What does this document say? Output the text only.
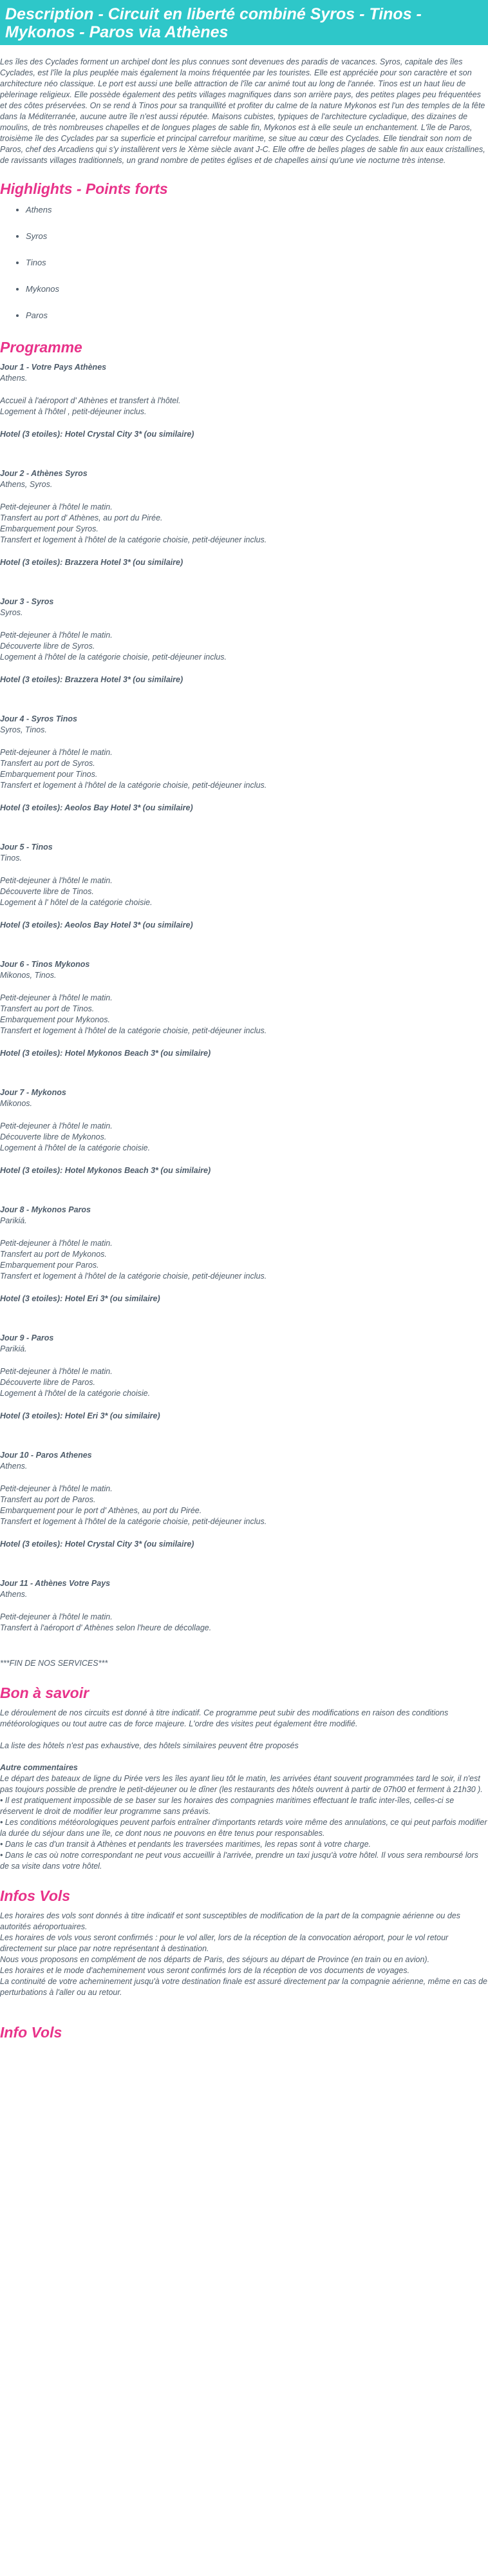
Description - Circuit en liberté combiné Syros - Tinos - Mykonos - Paros via Athènes
Les îles des Cyclades forment un archipel dont les plus connues sont devenues des paradis de vacances. Syros, capitale des îles Cyclades, est l'île la plus peuplée mais également la moins fréquentée par les touristes. Elle est appréciée pour son caractère et son architecture néo classique. Le port est aussi une belle attraction de l'île car animé tout au long de l'année. Tinos est un haut lieu de pèlerinage religieux. Elle possède également des petits villages magnifiques dans son arrière pays, des petites plages peu fréquentées et des côtes préservées. On se rend à Tinos pour sa tranquillité et profiter du calme de la nature Mykonos est l'un des temples de la fête dans la Méditerranée, aucune autre île n'est aussi réputée. Maisons cubistes, typiques de l'architecture cycladique, des dizaines de moulins, de très nombreuses chapelles et de longues plages de sable fin, Mykonos est à elle seule un enchantement. L'île de Paros, troisième île des Cyclades par sa superficie et principal carrefour maritime, se situe au cœur des Cyclades. Elle tiendrait son nom de Paros, chef des Arcadiens qui s'y installèrent vers le Xème siècle avant J-C. Elle offre de belles plages de sable fin aux eaux cristallines, de ravissants villages traditionnels, un grand nombre de petites églises et de chapelles ainsi qu'une vie nocturne très intense.
Highlights - Points forts
• Athens
• Syros
• Tinos
• Mykonos
• Paros
Programme
Jour 1 - Votre Pays Athènes
Athens.
Accueil à l'aéroport d' Athènes et transfert à l'hôtel.
Logement à l'hôtel , petit-déjeuner inclus.
Hotel (3 etoiles): Hotel Crystal City 3* (ou similaire)
Jour 2 - Athènes Syros
Athens, Syros.
Petit-dejeuner à l'hôtel le matin.
Transfert au port d' Athènes, au port du Pirée.
Embarquement pour Syros.
Transfert et logement à l'hôtel de la catégorie choisie, petit-déjeuner inclus.
Hotel (3 etoiles): Brazzera Hotel 3* (ou similaire)
Jour 3 - Syros
Syros.
Petit-dejeuner à l'hôtel le matin.
Découverte libre de Syros.
Logement à l'hôtel de la catégorie choisie, petit-déjeuner inclus.
Hotel (3 etoiles): Brazzera Hotel 3* (ou similaire)
Jour 4 - Syros Tinos
Syros, Tinos.
Petit-dejeuner à l'hôtel le matin.
Transfert au port de Syros.
Embarquement pour Tinos.
Transfert et logement à l'hôtel de la catégorie choisie, petit-déjeuner inclus.
Hotel (3 etoiles): Aeolos Bay Hotel 3* (ou similaire)
Jour 5 - Tinos
Tinos.
Petit-dejeuner à l'hôtel le matin.
Découverte libre de Tinos.
Logement à l' hôtel de la catégorie choisie.
Hotel (3 etoiles): Aeolos Bay Hotel 3* (ou similaire)
Jour 6 - Tinos Mykonos
Mikonos, Tinos.
Petit-dejeuner à l'hôtel le matin.
Transfert au port de Tinos.
Embarquement pour Mykonos.
Transfert et logement à l'hôtel de la catégorie choisie, petit-déjeuner inclus.
Hotel (3 etoiles): Hotel Mykonos Beach 3* (ou similaire)
Jour 7 - Mykonos
Mikonos.
Petit-dejeuner à l'hôtel le matin.
Découverte libre de Mykonos.
Logement à l'hôtel de la catégorie choisie.
Hotel (3 etoiles): Hotel Mykonos Beach 3* (ou similaire)
Jour 8 - Mykonos Paros
Parikiá.
Petit-dejeuner à l'hôtel le matin.
Transfert au port de Mykonos.
Embarquement pour Paros.
Transfert et logement à l'hôtel de la catégorie choisie, petit-déjeuner inclus.
Hotel (3 etoiles): Hotel Eri 3* (ou similaire)
Jour 9 - Paros
Parikiá.
Petit-dejeuner à l'hôtel le matin.
Découverte libre de Paros.
Logement à l'hôtel de la catégorie choisie.
Hotel (3 etoiles): Hotel Eri 3* (ou similaire)
Jour 10 - Paros Athenes
Athens.
Petit-dejeuner à l'hôtel le matin.
Transfert au port de Paros.
Embarquement pour le port d' Athènes, au port du Pirée.
Transfert et logement à l'hôtel de la catégorie choisie, petit-déjeuner inclus.
Hotel (3 etoiles): Hotel Crystal City 3* (ou similaire)
Jour 11 - Athènes Votre Pays
Athens.
Petit-dejeuner à l'hôtel le matin.
Transfert à l'aéroport d' Athènes selon l'heure de décollage.
***FIN DE NOS SERVICES***
Bon à savoir
Le déroulement de nos circuits est donné à titre indicatif. Ce programme peut subir des modifications en raison des conditions météorologiques ou tout autre cas de force majeure. L'ordre des visites peut également être modifié.
La liste des hôtels n'est pas exhaustive, des hôtels similaires peuvent être proposés
Autre commentaires
Le départ des bateaux de ligne du Pirée vers les îles ayant lieu tôt le matin, les arrivées étant souvent programmées tard le soir, il n'est pas toujours possible de prendre le petit-déjeuner ou le dîner (les restaurants des hôtels ouvrent à partir de 07h00 et ferment à 21h30 ).
• Il est pratiquement impossible de se baser sur les horaires des compagnies maritimes effectuant le trafic inter-îles, celles-ci se réservent le droit de modifier leur programme sans préavis.
• Les conditions météorologiques peuvent parfois entraîner d'importants retards voire même des annulations, ce qui peut parfois modifier la durée du séjour dans une île, ce dont nous ne pouvons en être tenus pour responsables.
• Dans le cas d'un transit à Athènes et pendants les traversées maritimes, les repas sont à votre charge.
• Dans le cas où notre correspondant ne peut vous accueillir à l'arrivée, prendre un taxi jusqu'à votre hôtel. Il vous sera remboursé lors de sa visite dans votre hôtel.
Infos Vols
Les horaires des vols sont donnés à titre indicatif et sont susceptibles de modification de la part de la compagnie aérienne ou des autorités aéroportuaires.
Les horaires de vols vous seront confirmés : pour le vol aller, lors de la réception de la convocation aéroport, pour le vol retour directement sur place par notre représentant à destination.
Nous vous proposons en complément de nos départs de Paris, des séjours au départ de Province (en train ou en avion).
Les horaires et le mode d'acheminement vous seront confirmés lors de la réception de vos documents de voyages.
La continuité de votre acheminement jusqu'à votre destination finale est assuré directement par la compagnie aérienne, même en cas de perturbations à l'aller ou au retour.
Info Vols
